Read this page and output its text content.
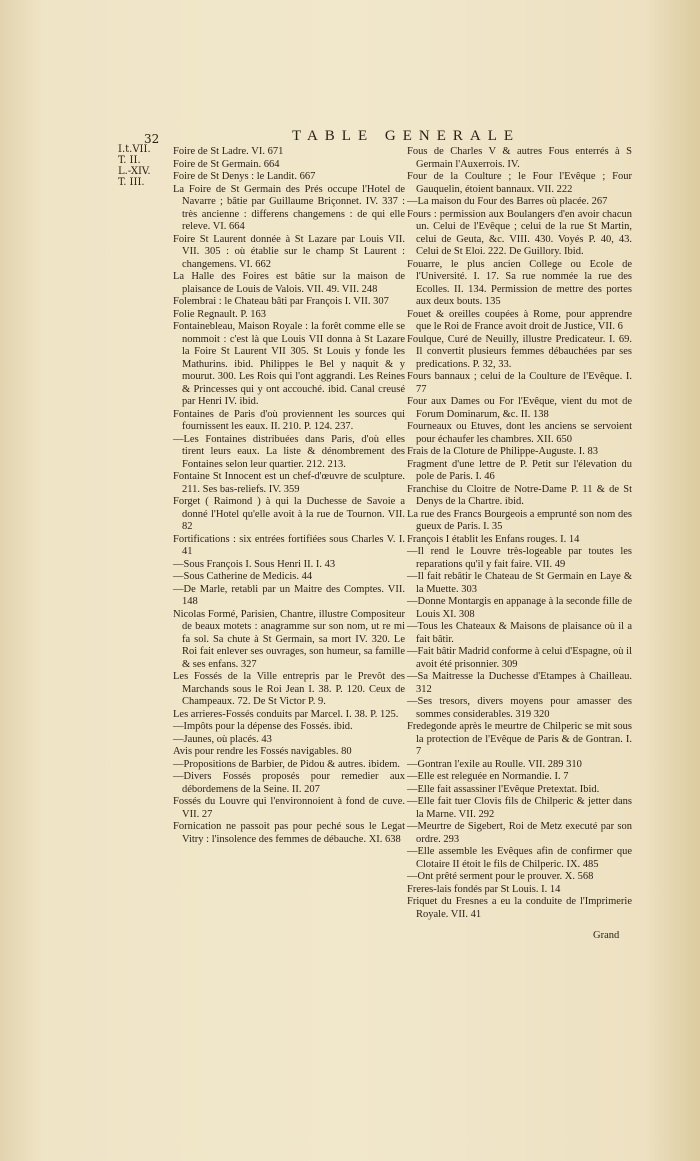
32	TABLE GENERALE
I.t.VII.
T. II.
L.-XIV.
T. III.

Foire de St Ladre. VI. 671

Foire de St Germain. 664

Foire de St Denys : le Landit. 667

La Foire de St Germain des Prés occupe l'Hotel de Navarre ; bâtie par Guillaume Briçonnet. IV. 337 : très ancienne : differens changemens : de qui elle releve. VI. 664

Foire St Laurent donnée à St Lazare par Louis VII. VII. 305 : où établie sur le champ St Laurent : changemens. VI. 662

La Halle des Foires est bâtie sur la maison de plaisance de Louis de Valois. VII. 49. VII. 248

Folembrai : le Chateau bâti par François I. VII. 307

Folie Regnault. P. 163

Fontainebleau, Maison Royale : la forêt comme elle se nommoit : c'est là que Louis VII donna à St Lazare la Foire St Laurent VII 305. St Louis y fonde les Mathurins. ibid. Philippes le Bel y naquit & y mourut. 300. Les Rois qui l'ont aggrandi. Les Reines & Princesses qui y ont accouché. ibid. Canal creusé par Henri IV. ibid.

Fontaines de Paris d'où proviennent les sources qui fournissent les eaux. II. 210. P. 124. 237.

—Les Fontaines distribuées dans Paris, d'où elles tirent leurs eaux. La liste & dénombrement des Fontaines selon leur quartier. 212. 213.

Fontaine St Innocent est un chef-d'œuvre de sculpture. 211. Ses bas-reliefs. IV. 359

Forget ( Raimond ) à qui la Duchesse de Savoie a donné l'Hotel qu'elle avoit à la rue de Tournon. VII. 82

Fortifications : six entrées fortifiées sous Charles V. I. 41

—Sous François I. Sous Henri II. I. 43

—Sous Catherine de Medicis. 44

—De Marle, retabli par un Maitre des Comptes. VII. 148

Nicolas Formé, Parisien, Chantre, illustre Compositeur de beaux motets : anagramme sur son nom, ut re mi fa sol. Sa chute à St Germain, sa mort IV. 320. Le Roi fait enlever ses ouvrages, son humeur, sa famille & ses enfans. 327

Les Fossés de la Ville entrepris par le Prevôt des Marchands sous le Roi Jean I. 38. P. 120. Ceux de Champeaux. 72. De St Victor P. 9.

Les arrieres-Fossés conduits par Marcel. I. 38. P. 125.

—Impôts pour la dépense des Fossés. ibid.

—Jaunes, où placés. 43

Avis pour rendre les Fossés navigables. 80

—Propositions de Barbier, de Pidou & autres. ibidem.

—Divers Fossés proposés pour remedier aux débordemens de la Seine. II. 207

Fossés du Louvre qui l'environnoient à fond de cuve. VII. 27

Fornication ne passoit pas pour peché sous le Legat Vitry : l'insolence des femmes de débauche. XI. 638

Fous de Charles V & autres Fous enterrés à S Germain l'Auxerrois. IV.

Four de la Coulture ; le Four l'Evêque ; Four Gauquelin, étoient bannaux. VII. 222

—La maison du Four des Barres où placée. 267

Fours : permission aux Boulangers d'en avoir chacun un. Celui de l'Evêque ; celui de la rue St Martin, celui de Geuta, &c. VIII. 430. Voyés P. 40, 43. Celui de St Eloi. 222. De Guillory. Ibid.

Fouarre, le plus ancien College ou Ecole de l'Université. I. 17. Sa rue nommée la rue des Ecolles. II. 134. Permission de mettre des portes aux deux bouts. 135

Fouet & oreilles coupées à Rome, pour apprendre que le Roi de France avoit droit de Justice, VII. 6

Foulque, Curé de Neuilly, illustre Predicateur. I. 69. Il convertit plusieurs femmes débauchées par ses predications. P. 32, 33.

Fours bannaux ; celui de la Coulture de l'Evêque. I. 77

Four aux Dames ou For l'Evêque, vient du mot de Forum Dominarum, &c. II. 138

Fourneaux ou Etuves, dont les anciens se servoient pour échaufer les chambres. XII. 650

Frais de la Cloture de Philippe-Auguste. I. 83

Fragment d'une lettre de P. Petit sur l'élevation du pole de Paris. I. 46

Franchise du Cloitre de Notre-Dame P. 11 & de St Denys de la Chartre. ibid.

La rue des Francs Bourgeois a emprunté son nom des gueux de Paris. I. 35

François I établit les Enfans rouges. I. 14

—Il rend le Louvre très-logeable par toutes les reparations qu'il y fait faire. VII. 49

—Il fait rebâtir le Chateau de St Germain en Laye & la Muette. 303

—Donne Montargis en appanage à la seconde fille de Louis XI. 308

—Tous les Chateaux & Maisons de plaisance où il a fait bâtir.

—Fait bâtir Madrid conforme à celui d'Espagne, où il avoit été prisonnier. 309

—Sa Maitresse la Duchesse d'Etampes à Chailleau. 312

—Ses tresors, divers moyens pour amasser des sommes considerables. 319 320

Fredegonde après le meurtre de Chilperic se mit sous la protection de l'Evêque de Paris & de Gontran. I. 7

—Gontran l'exile au Roulle. VII. 289 310

—Elle est releguée en Normandie. I. 7

—Elle fait assassiner l'Evêque Pretextat. Ibid.

—Elle fait tuer Clovis fils de Chilperic & jetter dans la Marne. VII. 292

—Meurtre de Sigebert, Roi de Metz executé par son ordre. 293

—Elle assemble les Evêques afin de confirmer que Clotaire II étoit le fils de Chilperic. IX. 485

—Ont prêté serment pour le prouver. X. 568

Freres-lais fondés par St Louis. I. 14

Friquet du Fresnes a eu la conduite de l'Imprimerie Royale. VII. 41

Grand
